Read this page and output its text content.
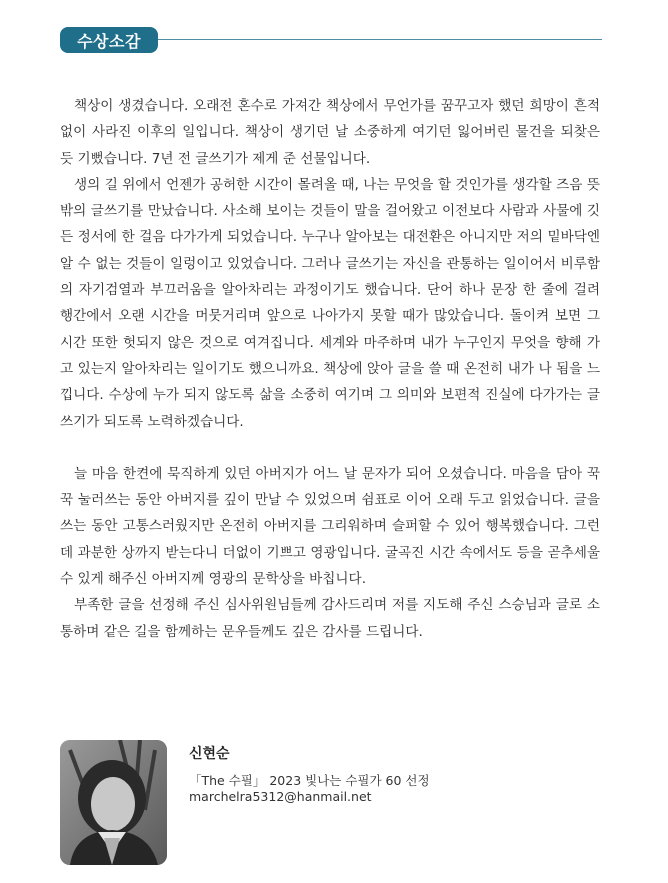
수상소감

책상이 생겼습니다. 오래전 혼수로 가져간 책상에서 무언가를 꿈꾸고자 했던 희망이 흔적 없이 사라진 이후의 일입니다. 책상이 생기던 날 소중하게 여기던 잃어버린 물건을 되찾은 듯 기뻤습니다. 7년 전 글쓰기가 제게 준 선물입니다.

생의 길 위에서 언젠가 공허한 시간이 몰려올 때, 나는 무엇을 할 것인가를 생각할 즈음 뜻밖의 글쓰기를 만났습니다. 사소해 보이는 것들이 말을 걸어왔고 이전보다 사람과 사물에 깃든 정서에 한 걸음 다가가게 되었습니다. 누구나 알아보는 대전환은 아니지만 저의 밑바닥엔 알 수 없는 것들이 일렁이고 있었습니다. 그러나 글쓰기는 자신을 관통하는 일이어서 비루함의 자기검열과 부끄러움을 알아차리는 과정이기도 했습니다. 단어 하나 문장 한 줄에 걸려 행간에서 오랜 시간을 머뭇거리며 앞으로 나아가지 못할 때가 많았습니다. 돌이켜 보면 그 시간 또한 헛되지 않은 것으로 여겨집니다. 세계와 마주하며 내가 누구인지 무엇을 향해 가고 있는지 알아차리는 일이기도 했으니까요. 책상에 앉아 글을 쓸 때 온전히 내가 나 됨을 느낍니다. 수상에 누가 되지 않도록 삶을 소중히 여기며 그 의미와 보편적 진실에 다가가는 글쓰기가 되도록 노력하겠습니다.

늘 마음 한켠에 묵직하게 있던 아버지가 어느 날 문자가 되어 오셨습니다. 마음을 담아 꾹꾹 눌러쓰는 동안 아버지를 깊이 만날 수 있었으며 쉼표로 이어 오래 두고 읽었습니다. 글을 쓰는 동안 고통스러웠지만 온전히 아버지를 그리워하며 슬퍼할 수 있어 행복했습니다. 그런데 과분한 상까지 받는다니 더없이 기쁘고 영광입니다. 굴곡진 시간 속에서도 등을 곧추세울 수 있게 해주신 아버지께 영광의 문학상을 바칩니다.

부족한 글을 선정해 주신 심사위원님들께 감사드리며 저를 지도해 주신 스승님과 글로 소통하며 같은 길을 함께하는 문우들께도 깊은 감사를 드립니다.

신현순
「The 수필」 2023 빛나는 수필가 60 선정
marchelra5312@hanmail.net
